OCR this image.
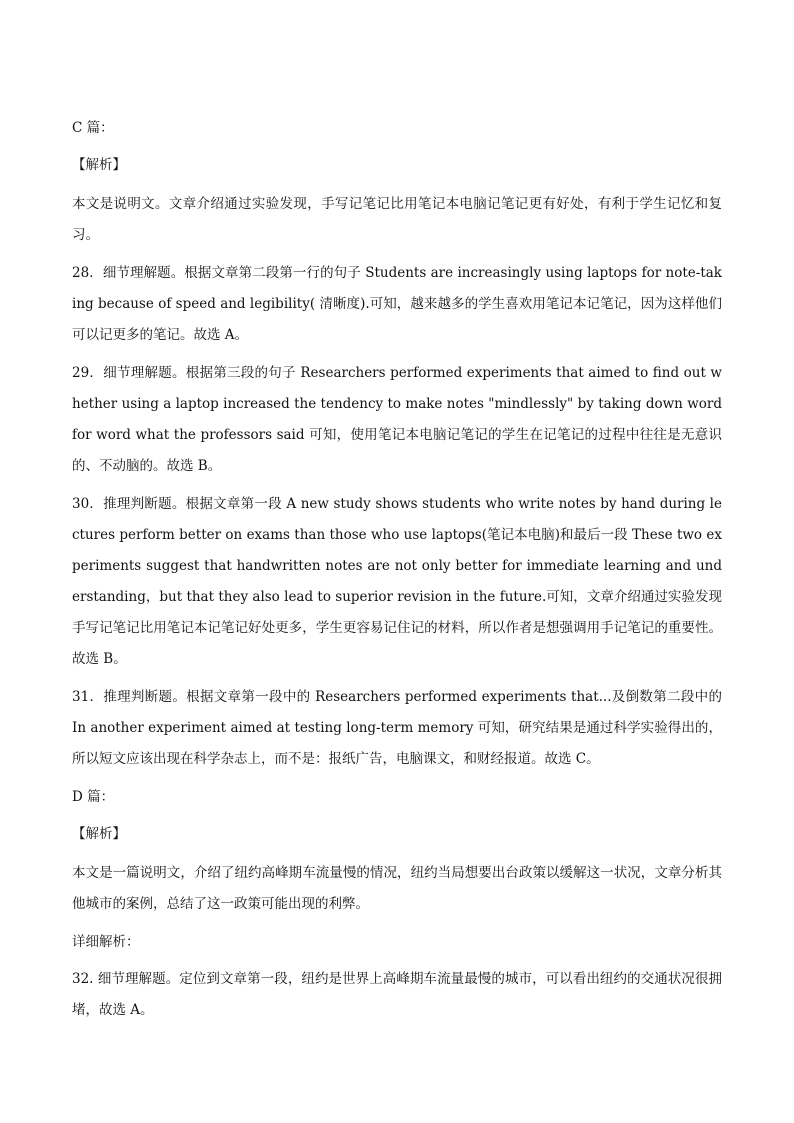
C 篇：
【解析】
本文是说明文。文章介绍通过实验发现，手写记笔记比用笔记本电脑记笔记更有好处，有利于学生记忆和复习。
28．细节理解题。根据文章第二段第一行的句子 Students are increasingly using laptops for note-taking because of speed and legibility( 清晰度).可知，越来越多的学生喜欢用笔记本记笔记，因为这样他们可以记更多的笔记。故选 A。
29．细节理解题。根据第三段的句子 Researchers performed experiments that aimed to find out whether using a laptop increased the tendency to make notes "mindlessly" by taking down word for word what the professors said 可知，使用笔记本电脑记笔记的学生在记笔记的过程中往往是无意识的、不动脑的。故选 B。
30．推理判断题。根据文章第一段 A new study shows students who write notes by hand during lectures perform better on exams than those who use laptops(笔记本电脑)和最后一段 These two experiments suggest that handwritten notes are not only better for immediate learning and understanding，but that they also lead to superior revision in the future.可知，文章介绍通过实验发现手写记笔记比用笔记本记笔记好处更多，学生更容易记住记的材料，所以作者是想强调用手记笔记的重要性。故选 B。
31．推理判断题。根据文章第一段中的 Researchers performed experiments that...及倒数第二段中的 In another experiment aimed at testing long-term memory 可知，研究结果是通过科学实验得出的，所以短文应该出现在科学杂志上，而不是：报纸广告，电脑课文，和财经报道。故选 C。
D 篇：
【解析】
本文是一篇说明文，介绍了纽约高峰期车流量慢的情况，纽约当局想要出台政策以缓解这一状况，文章分析其他城市的案例，总结了这一政策可能出现的利弊。
详细解析：
32. 细节理解题。定位到文章第一段，纽约是世界上高峰期车流量最慢的城市，可以看出纽约的交通状况很拥堵，故选 A。
